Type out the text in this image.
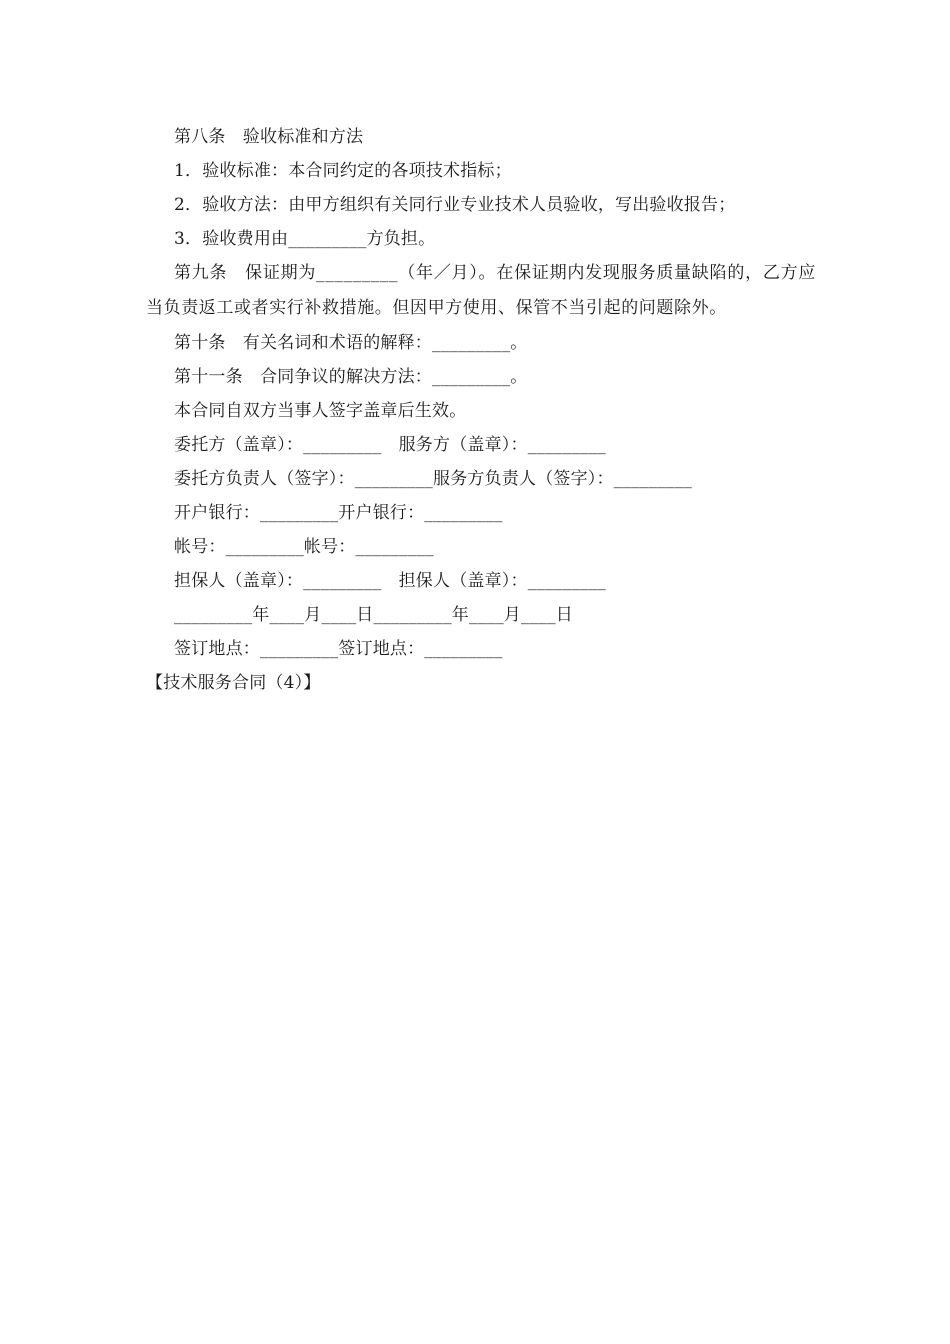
第八条　验收标准和方法
1．验收标准：本合同约定的各项技术指标；
2．验收方法：由甲方组织有关同行业专业技术人员验收，写出验收报告；
3．验收费用由_________方负担。
第九条　保证期为_________（年／月）。在保证期内发现服务质量缺陷的，乙方应当负责返工或者实行补救措施。但因甲方使用、保管不当引起的问题除外。
第十条　有关名词和术语的解释：_________。
第十一条　合同争议的解决方法：_________。
本合同自双方当事人签字盖章后生效。
委托方（盖章）：_________　服务方（盖章）：_________
委托方负责人（签字）：_________服务方负责人（签字）：_________
开户银行：_________开户银行：_________
帐号：_________帐号：_________
担保人（盖章）：_________　担保人（盖章）：_________
_________年____月____日_________年____月____日
签订地点：_________签订地点：_________
【技术服务合同（4）】
